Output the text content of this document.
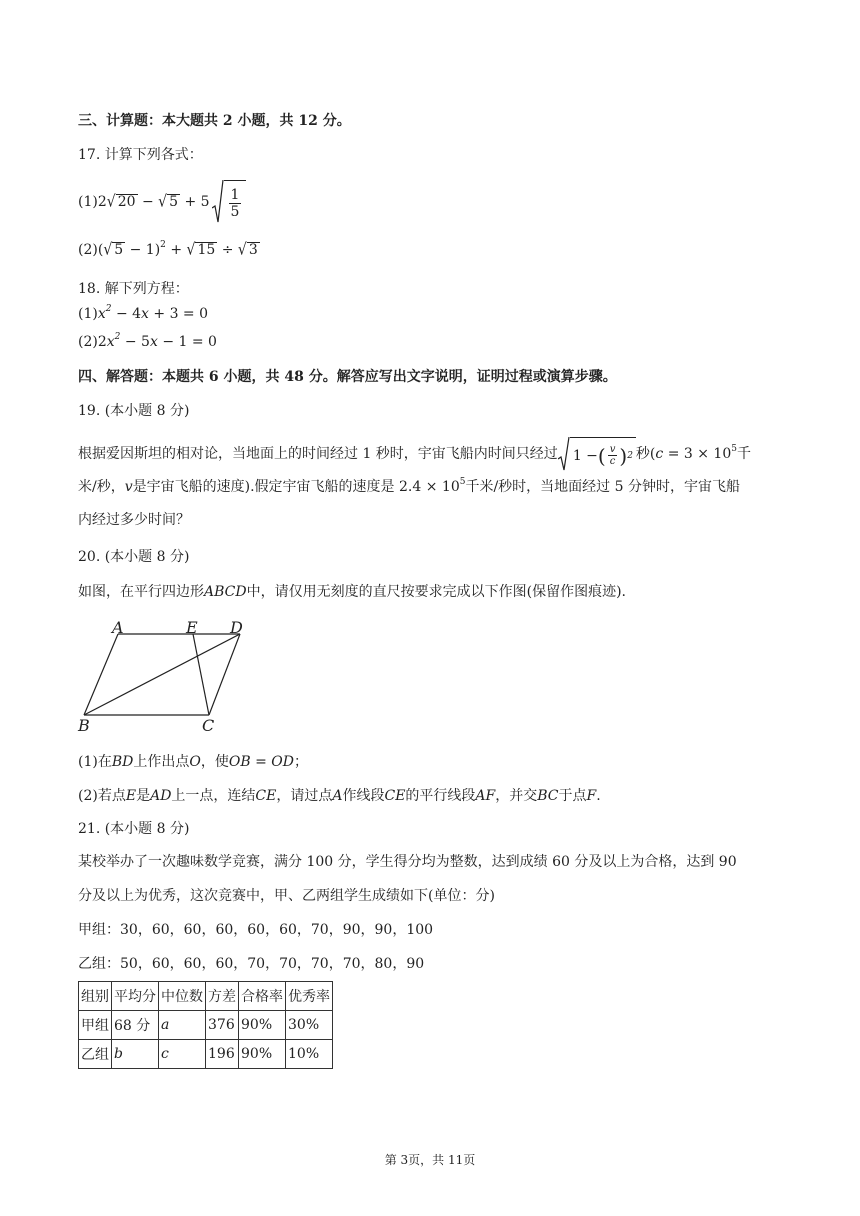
三、计算题：本大题共 2 小题，共 12 分。
17. 计算下列各式：
(1) 2√ 20 − √ $5 + 5 \frac{1}{5}$
(2)(√ 5 − 1)$^2$ + √ 15 ÷ √ 3
18. 解下列方程：
$(1)x^2 - 4x + 3 = 0$
$(2)2x^2 - 5x - 1 = 0$
四、解答题：本题共 6 小题，共 48 分。解答应写出文字说明，证明过程或演算步骤。
19. (本小题 8 分)
根据爱因斯坦的相对论，当地面上的时间经过 1 秒时，宇宙飞船内时间只经过 1 − ( $\frac{v}{c}$ ) 2 秒( $c = 3 \times 10^5$ 千
米/秒，v是宇宙飞船的速度).假定宇宙飞船的速度是 $2.4 \times 10^5$千米/秒时，当地面经过 5 分钟时，宇宙飞船
内经过多少时间？
20. (本小题 8 分)
如图，在平行四边形ABCD中，请仅用无刻度的直尺按要求完成以下作图(保留作图痕迹).
A	E D
B	C
(1)在BD上作出点O，使OB = OD；
(2)若点E是AD上一点，连结CE，请过点A作线段CE的平行线段AF，并交BC于点F.
21. (本小题 8 分)
某校举办了一次趣味数学竞赛，满分 100 分，学生得分均为整数，达到成绩 60 分及以上为合格，达到 90
分及以上为优秀，这次竞赛中，甲、乙两组学生成绩如下(单位：分)
甲组：30，60，60，60，60，60，70，90，90，100
乙组：50，60，60，60，70，70，70，70，80，90
组别	平均分	中位数	方差	合格率	优秀率
甲组	68 分	a	376	90%	30%
乙组	b	c	196	90%	10%
第 3页，共 11页
